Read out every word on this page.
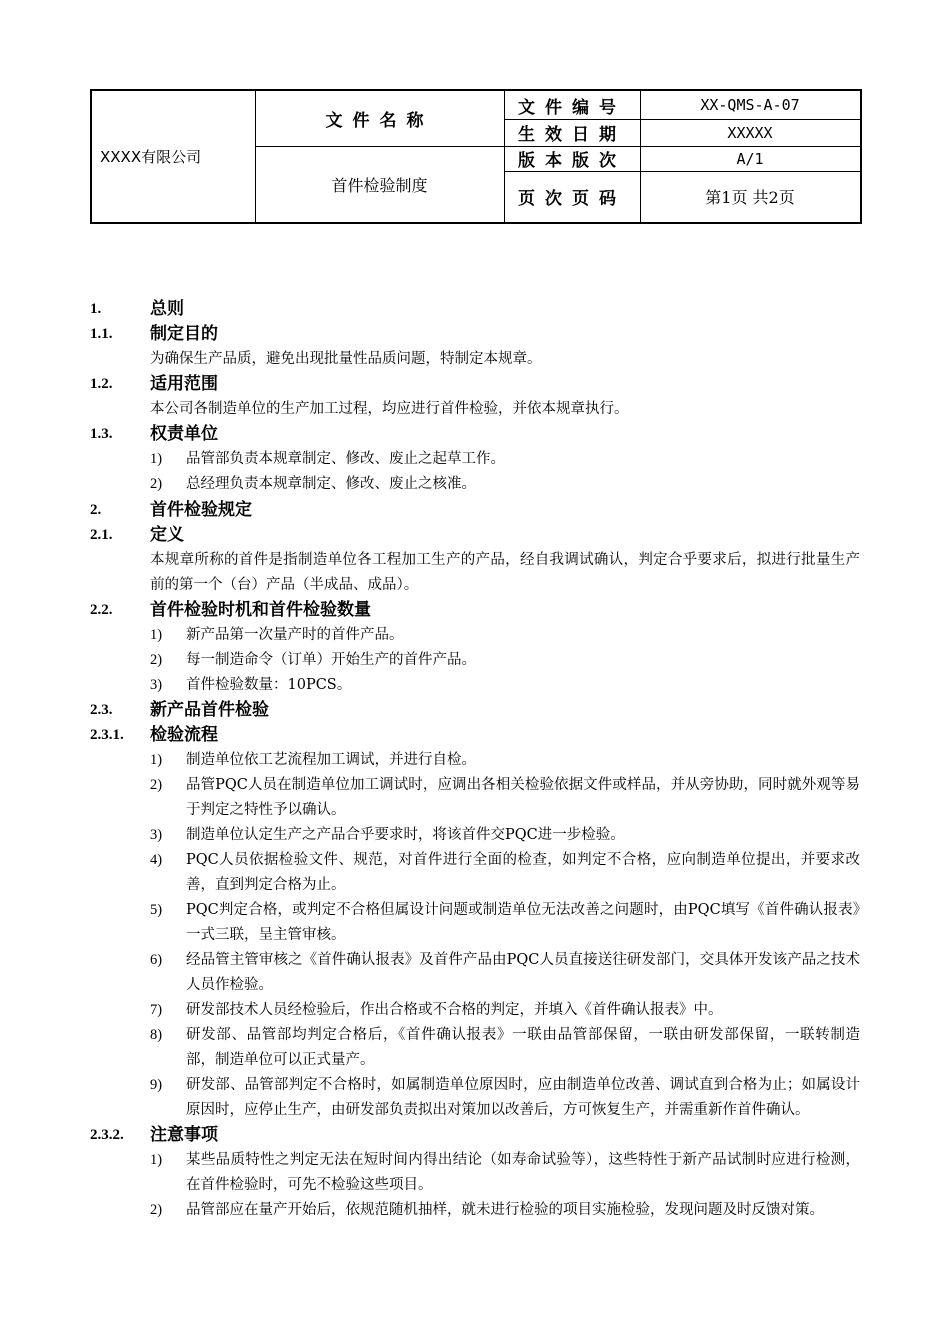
XXXX有限公司
文件名称
首件检验制度
文件编号	XX-QMS-A-07
生效日期	XXXXX
版本版次	A/1
页次页码	第1页 共2页
1.	总则
1.1. 制定目的
为确保生产品质，避免出现批量性品质问题，特制定本规章。
1.2. 适用范围
本公司各制造单位的生产加工过程，均应进行首件检验，并依本规章执行。
1.3. 权责单位
1) 品管部负责本规章制定、修改、废止之起草工作。
2) 总经理负责本规章制定、修改、废止之核准。
2.	首件检验规定
2.1. 定义
本规章所称的首件是指制造单位各工程加工生产的产品，经自我调试确认，判定合乎要求后，拟进行批量生产前的第一个（台）产品（半成品、成品）。
2.2. 首件检验时机和首件检验数量
1) 新产品第一次量产时的首件产品。
2) 每一制造命令（订单）开始生产的首件产品。
3) 首件检验数量：10PCS。
2.3. 新产品首件检验
2.3.1. 检验流程
1) 制造单位依工艺流程加工调试，并进行自检。
2) 品管PQC人员在制造单位加工调试时，应调出各相关检验依据文件或样品，并从旁协助，同时就外观等易于判定之特性予以确认。
3) 制造单位认定生产之产品合乎要求时，将该首件交PQC进一步检验。
4) PQC人员依据检验文件、规范，对首件进行全面的检查，如判定不合格，应向制造单位提出，并要求改善，直到判定合格为止。
5) PQC判定合格，或判定不合格但属设计问题或制造单位无法改善之问题时，由PQC填写《首件确认报表》一式三联，呈主管审核。
6) 经品管主管审核之《首件确认报表》及首件产品由PQC人员直接送往研发部门，交具体开发该产品之技术人员作检验。
7) 研发部技术人员经检验后，作出合格或不合格的判定，并填入《首件确认报表》中。
8) 研发部、品管部均判定合格后，《首件确认报表》一联由品管部保留，一联由研发部保留，一联转制造部，制造单位可以正式量产。
9) 研发部、品管部判定不合格时，如属制造单位原因时，应由制造单位改善、调试直到合格为止；如属设计原因时，应停止生产，由研发部负责拟出对策加以改善后，方可恢复生产，并需重新作首件确认。
2.3.2. 注意事项
1) 某些品质特性之判定无法在短时间内得出结论（如寿命试验等），这些特性于新产品试制时应进行检测，在首件检验时，可先不检验这些项目。
2) 品管部应在量产开始后，依规范随机抽样，就未进行检验的项目实施检验，发现问题及时反馈对策。
